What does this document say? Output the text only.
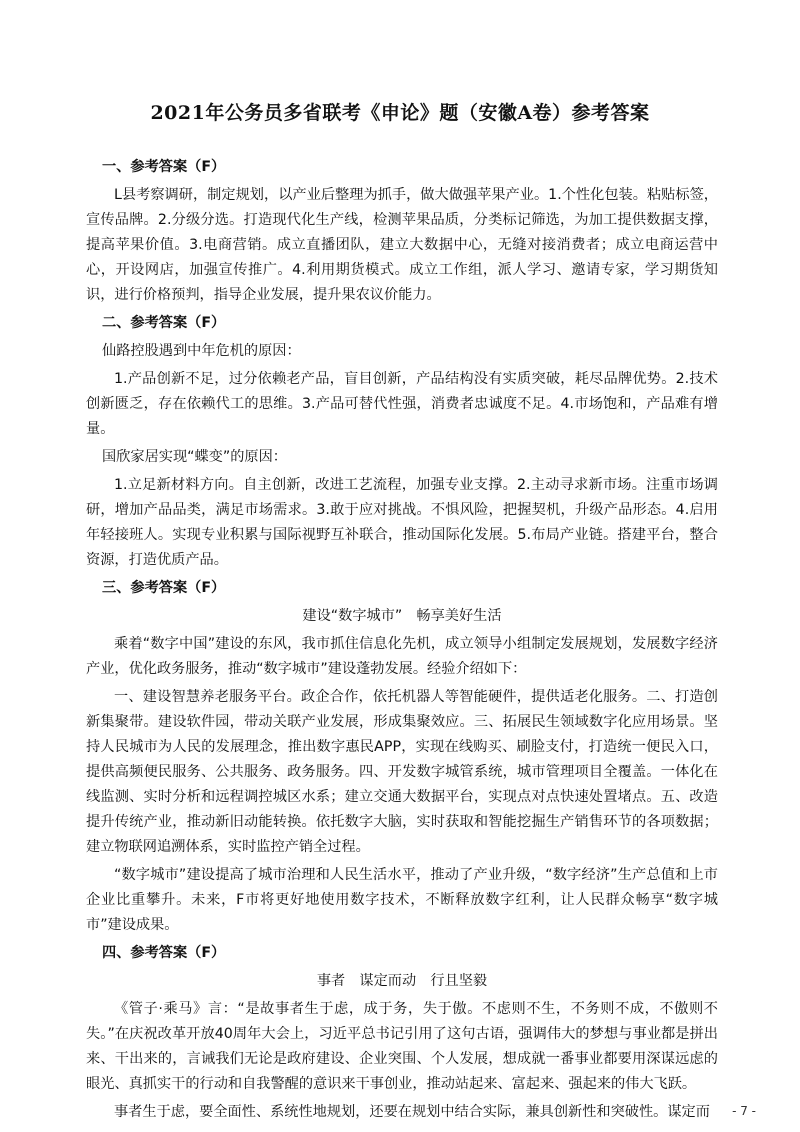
2021年公务员多省联考《申论》题（安徽A卷）参考答案

一、参考答案（F）

L县考察调研，制定规划，以产业后整理为抓手，做大做强苹果产业。1.个性化包装。粘贴标签，宣传品牌。2.分级分选。打造现代化生产线，检测苹果品质，分类标记筛选，为加工提供数据支撑，提高苹果价值。3.电商营销。成立直播团队，建立大数据中心，无缝对接消费者；成立电商运营中心，开设网店，加强宣传推广。4.利用期货模式。成立工作组，派人学习、邀请专家，学习期货知识，进行价格预判，指导企业发展，提升果农议价能力。

二、参考答案（F）

仙路控股遇到中年危机的原因：

1.产品创新不足，过分依赖老产品，盲目创新，产品结构没有实质突破，耗尽品牌优势。2.技术创新匮乏，存在依赖代工的思维。3.产品可替代性强，消费者忠诚度不足。4.市场饱和，产品难有增量。

国欣家居实现“蝶变”的原因：

1.立足新材料方向。自主创新，改进工艺流程，加强专业支撑。2.主动寻求新市场。注重市场调研，增加产品品类，满足市场需求。3.敢于应对挑战。不惧风险，把握契机，升级产品形态。4.启用年轻接班人。实现专业积累与国际视野互补联合，推动国际化发展。5.布局产业链。搭建平台，整合资源，打造优质产品。

三、参考答案（F）

建设“数字城市”　畅享美好生活

乘着“数字中国”建设的东风，我市抓住信息化先机，成立领导小组制定发展规划，发展数字经济产业，优化政务服务，推动“数字城市”建设蓬勃发展。经验介绍如下：

一、建设智慧养老服务平台。政企合作，依托机器人等智能硬件，提供适老化服务。二、打造创新集聚带。建设软件园，带动关联产业发展，形成集聚效应。三、拓展民生领域数字化应用场景。坚持人民城市为人民的发展理念，推出数字惠民APP，实现在线购买、刷脸支付，打造统一便民入口，提供高频便民服务、公共服务、政务服务。四、开发数字城管系统，城市管理项目全覆盖。一体化在线监测、实时分析和远程调控城区水系；建立交通大数据平台，实现点对点快速处置堵点。五、改造提升传统产业，推动新旧动能转换。依托数字大脑，实时获取和智能挖掘生产销售环节的各项数据；建立物联网追溯体系，实时监控产销全过程。

“数字城市”建设提高了城市治理和人民生活水平，推动了产业升级，“数字经济”生产总值和上市企业比重攀升。未来，F市将更好地使用数字技术，不断释放数字红利，让人民群众畅享“数字城市”建设成果。

四、参考答案（F）

事者　谋定而动　行且坚毅

《管子·乘马》言：“是故事者生于虑，成于务，失于傲。不虑则不生，不务则不成，不傲则不失。”在庆祝改革开放40周年大会上，习近平总书记引用了这句古语，强调伟大的梦想与事业都是拼出来、干出来的，言诫我们无论是政府建设、企业突围、个人发展，想成就一番事业都要用深谋远虑的眼光、真抓实干的行动和自我警醒的意识来干事创业，推动站起来、富起来、强起来的伟大飞跃。

事者生于虑，要全面性、系统性地规划，还要在规划中结合实际，兼具创新性和突破性。谋定而	- 7 -
